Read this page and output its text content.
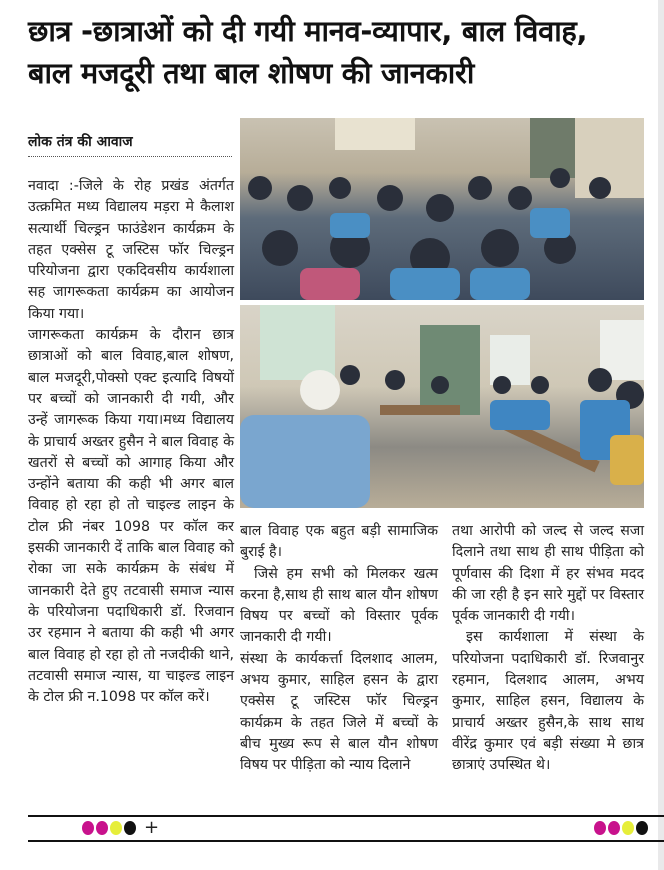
छात्र -छात्राओं को दी गयी मानव-व्यापार, बाल विवाह,
बाल मजदूरी तथा बाल शोषण की जानकारी
लोक तंत्र की आवाज

नवादा :-जिले के रोह प्रखंड अंतर्गत उत्क्रमित मध्य विद्यालय मड़रा मे कैलाश सत्यार्थी चिल्ड्रन फाउंडेशन कार्यक्रम के तहत एक्सेस टू जस्टिस फॉर चिल्ड्रन परियोजना द्वारा एकदिवसीय कार्यशाला सह जागरूकता कार्यक्रम का आयोजन किया गया।

जागरूकता कार्यक्रम के दौरान छात्र छात्राओं को बाल विवाह,बाल शोषण, बाल मजदूरी,पोक्सो एक्ट इत्यादि विषयों पर बच्चों को जानकारी दी गयी, और उन्हें जागरूक किया गया।मध्य विद्यालय के प्राचार्य अख्तर हुसैन ने बाल विवाह के खतरों से बच्चों को आगाह किया और उन्होंने बताया की कही भी अगर बाल विवाह हो रहा हो तो चाइल्ड लाइन के टोल फ्री नंबर 1098 पर कॉल कर इसकी जानकारी दें ताकि बाल विवाह को रोका जा सके कार्यक्रम के संबंध में जानकारी देते हुए तटवासी समाज न्यास के परियोजना पदाधिकारी डॉ. रिजवान उर रहमान ने बताया की कही भी अगर बाल विवाह हो रहा हो तो नजदीकी थाने, तटवासी समाज न्यास, या चाइल्ड लाइन के टोल फ्री न.1098 पर कॉल करें।

बाल विवाह एक बहुत बड़ी सामाजिक बुराई है।

जिसे हम सभी को मिलकर खत्म करना है,साथ ही साथ बाल यौन शोषण विषय पर बच्चों को विस्तार पूर्वक जानकारी दी गयी।

संस्था के कार्यकर्त्ता दिलशाद आलम, अभय कुमार, साहिल हसन के द्वारा एक्सेस टू जस्टिस फॉर चिल्ड्रन कार्यक्रम के तहत जिले में बच्चों के बीच मुख्य रूप से बाल यौन शोषण विषय पर पीड़िता को न्याय दिलाने

तथा आरोपी को जल्द से जल्द सजा दिलाने तथा साथ ही साथ पीड़िता को पूर्णवास की दिशा में हर संभव मदद की जा रही है इन सारे मुद्दों पर विस्तार पूर्वक जानकारी दी गयी।

इस कार्यशाला में संस्था के परियोजना पदाधिकारी डॉ. रिजवानुर रहमान, दिलशाद आलम, अभय कुमार, साहिल हसन, विद्यालय के प्राचार्य अख्तर हुसैन,के साथ साथ वीरेंद्र कुमार एवं बड़ी संख्या मे छात्र छात्राएं उपस्थित थे।

+
